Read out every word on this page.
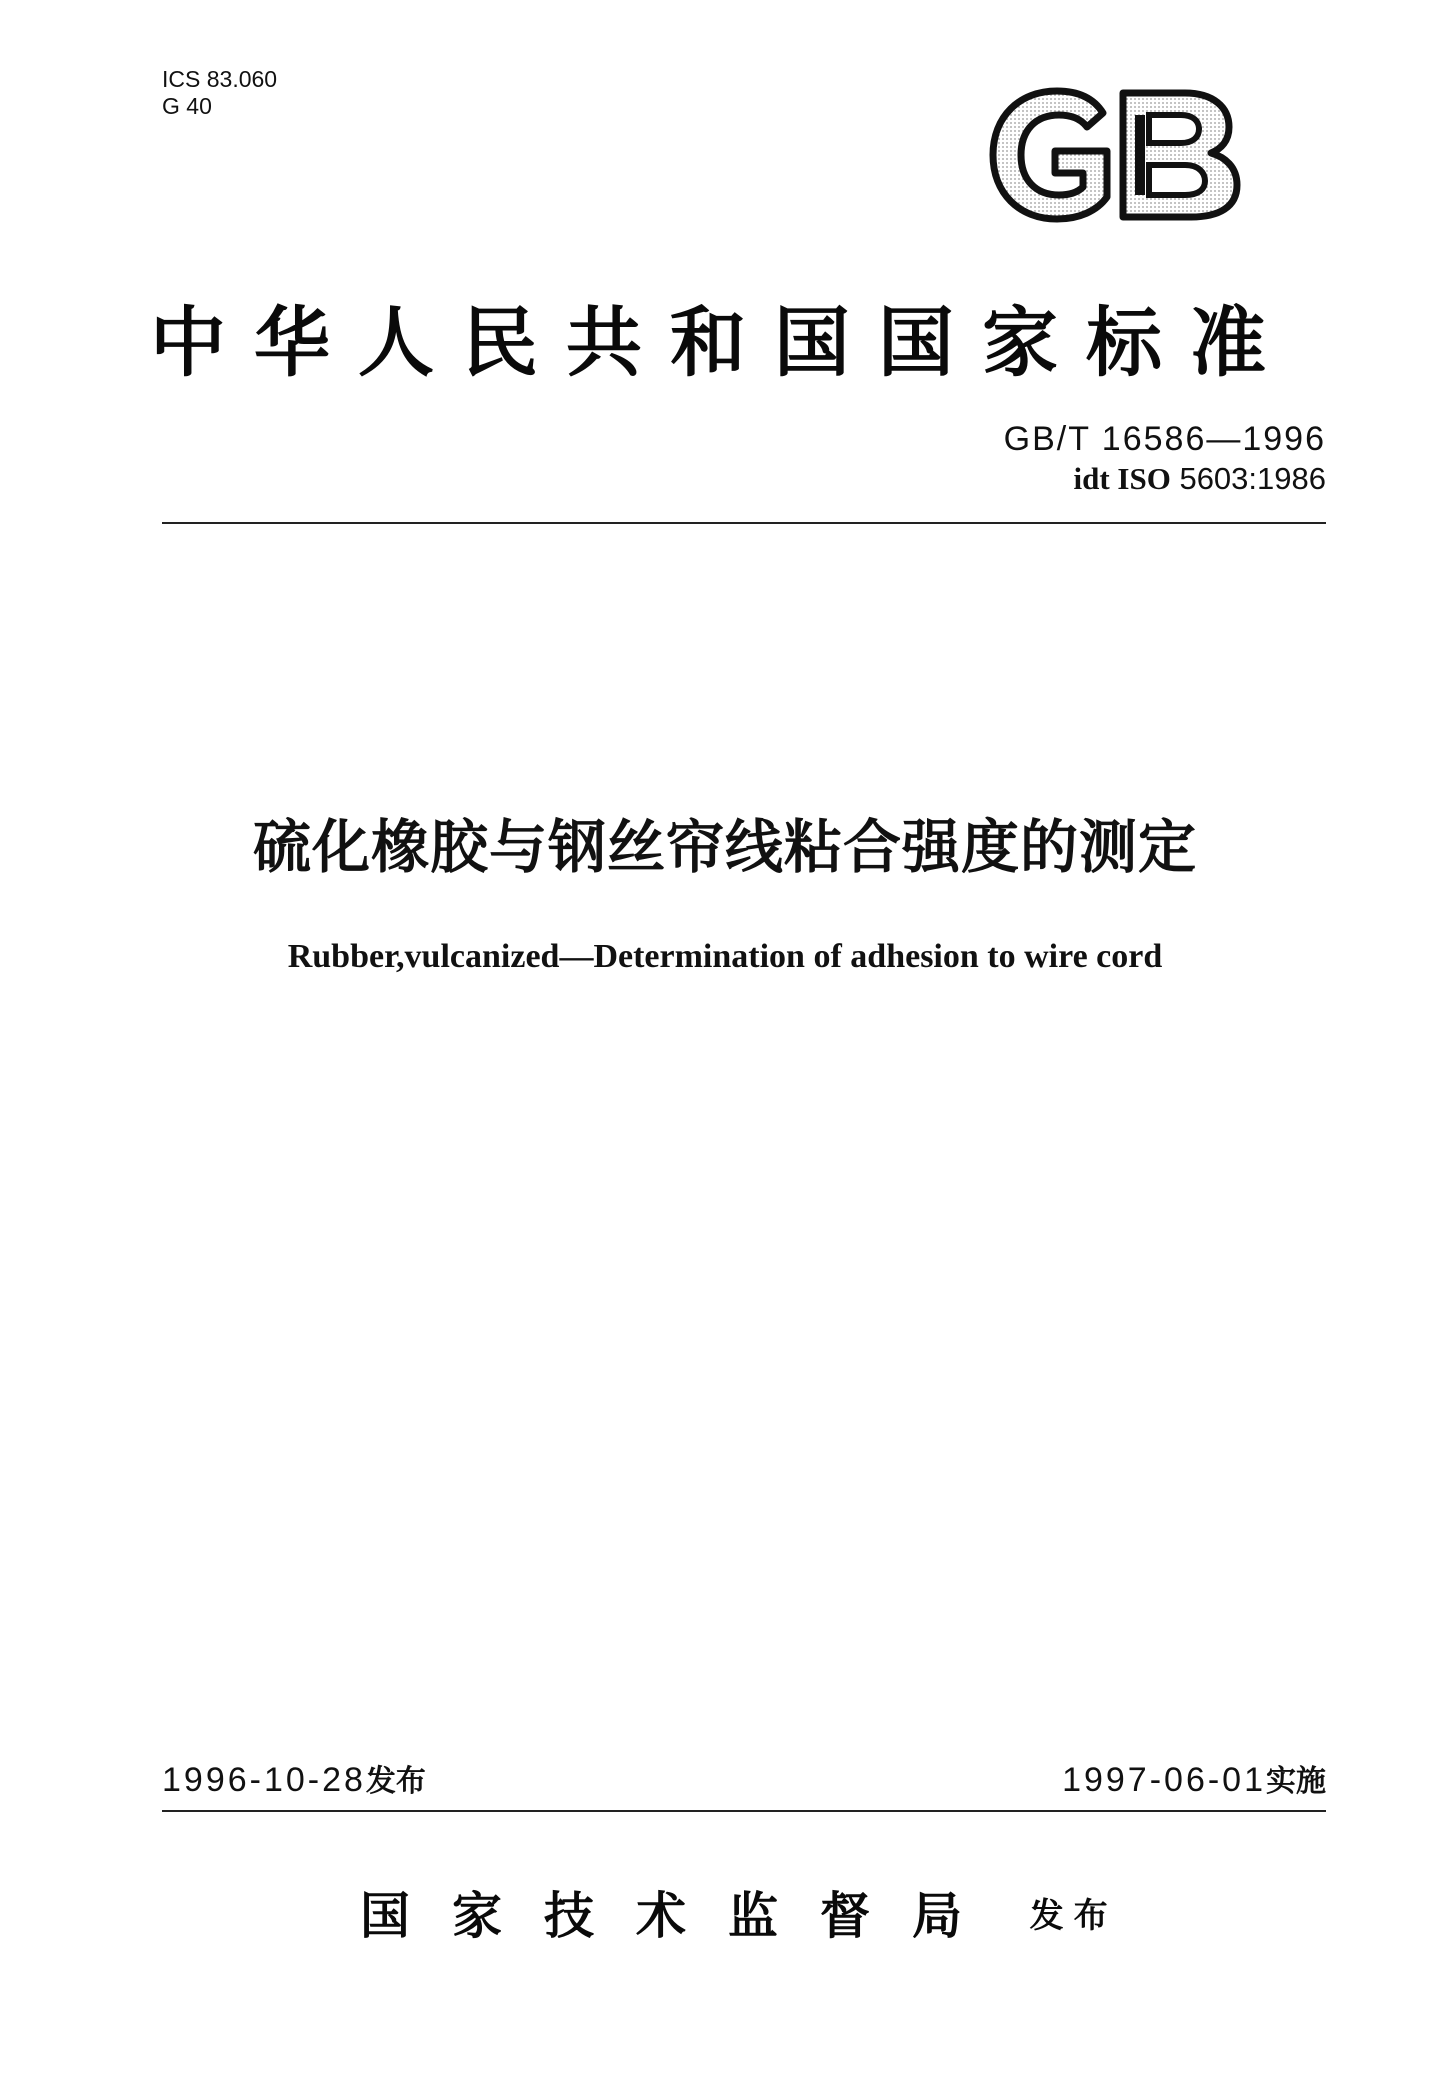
ICS 83.060
G 40
中华人民共和国国家标准
GB/T 16586—1996
idt ISO 5603:1986
硫化橡胶与钢丝帘线粘合强度的测定
Rubber,vulcanized—Determination of adhesion to wire cord
1996-10-28发布	1997-06-01实施
国家技术监督局 发布
